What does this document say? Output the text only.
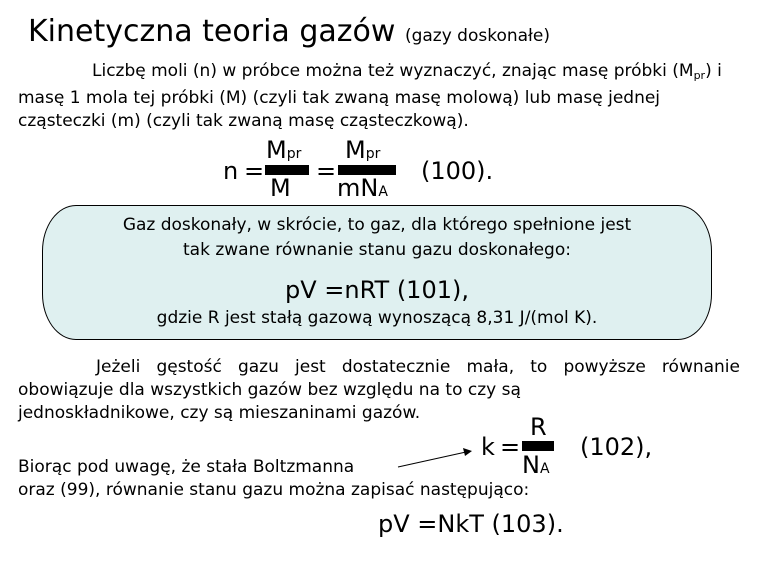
Kinetyczna teoria gazów (gazy doskonałe)
Liczbę moli (n) w próbce można też wyznaczyć, znając masę próbki (Mpr) i masę 1 mola tej próbki (M) (czyli tak zwaną masę molową) lub masę jednej cząsteczki (m) (czyli tak zwaną masę cząsteczkową).
n =
Mpr
M
=
Mpr
mNA
(100).
Gaz doskonały, w skrócie, to gaz, dla którego spełnione jest
tak zwane równanie stanu gazu doskonałego:
pV =nRT (101),
gdzie R jest stałą gazową wynoszącą 8,31 J/(mol K).
Jeżeli gęstość gazu jest dostatecznie mała, to powyższe równanie obowiązuje dla wszystkich gazów bez względu na to czy są
jednoskładnikowe, czy są mieszaninami gazów.
k =
R
NA
(102),
Biorąc pod uwagę, że stała Boltzmanna
oraz (99), równanie stanu gazu można zapisać następująco:
pV =NkT (103).
